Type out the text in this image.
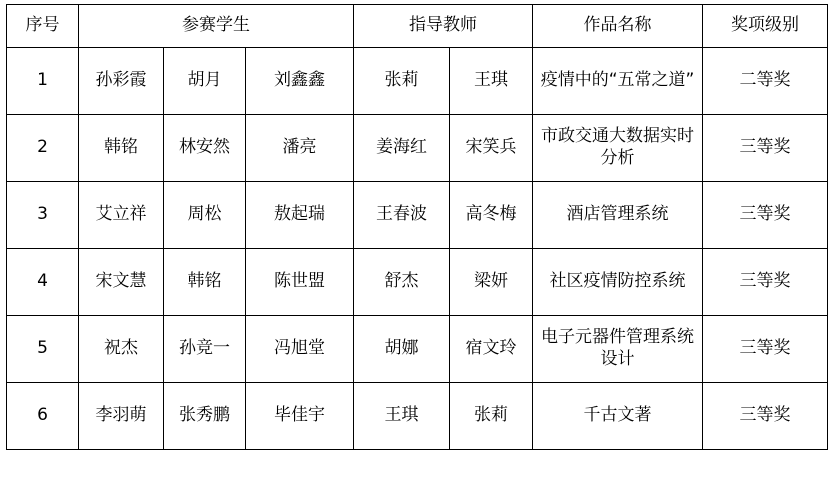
序号	参赛学生			指导教师		作品名称	奖项级别
1	孙彩霞	胡月	刘鑫鑫	张莉	王琪	疫情中的“五常之道”	二等奖
2	韩铭	林安然	潘亮	姜海红	宋笑兵	市政交通大数据实时分析	三等奖
3	艾立祥	周松	敖起瑞	王春波	高冬梅	酒店管理系统	三等奖
4	宋文慧	韩铭	陈世盟	舒杰	梁妍	社区疫情防控系统	三等奖
5	祝杰	孙竞一	冯旭堂	胡娜	宿文玲	电子元器件管理系统设计	三等奖
6	李羽萌	张秀鹏	毕佳宇	王琪	张莉	千古文著	三等奖
